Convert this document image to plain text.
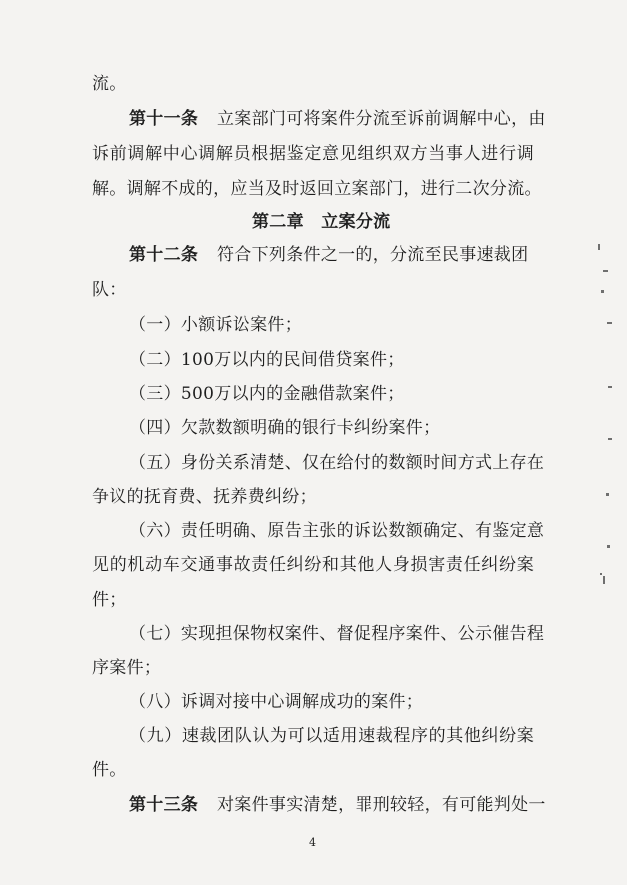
流。
第十一条 立案部门可将案件分流至诉前调解中心，由
诉前调解中心调解员根据鉴定意见组织双方当事人进行调
解。调解不成的，应当及时返回立案部门，进行二次分流。
第二章　立案分流
第十二条 符合下列条件之一的，分流至民事速裁团
队：
（一）小额诉讼案件；
（二）100万以内的民间借贷案件；
（三）500万以内的金融借款案件；
（四）欠款数额明确的银行卡纠纷案件；
（五）身份关系清楚、仅在给付的数额时间方式上存在
争议的抚育费、抚养费纠纷；
（六）责任明确、原告主张的诉讼数额确定、有鉴定意
见的机动车交通事故责任纠纷和其他人身损害责任纠纷案
件；
（七）实现担保物权案件、督促程序案件、公示催告程
序案件；
（八）诉调对接中心调解成功的案件；
（九）速裁团队认为可以适用速裁程序的其他纠纷案
件。
第十三条 对案件事实清楚，罪刑较轻，有可能判处一
4
